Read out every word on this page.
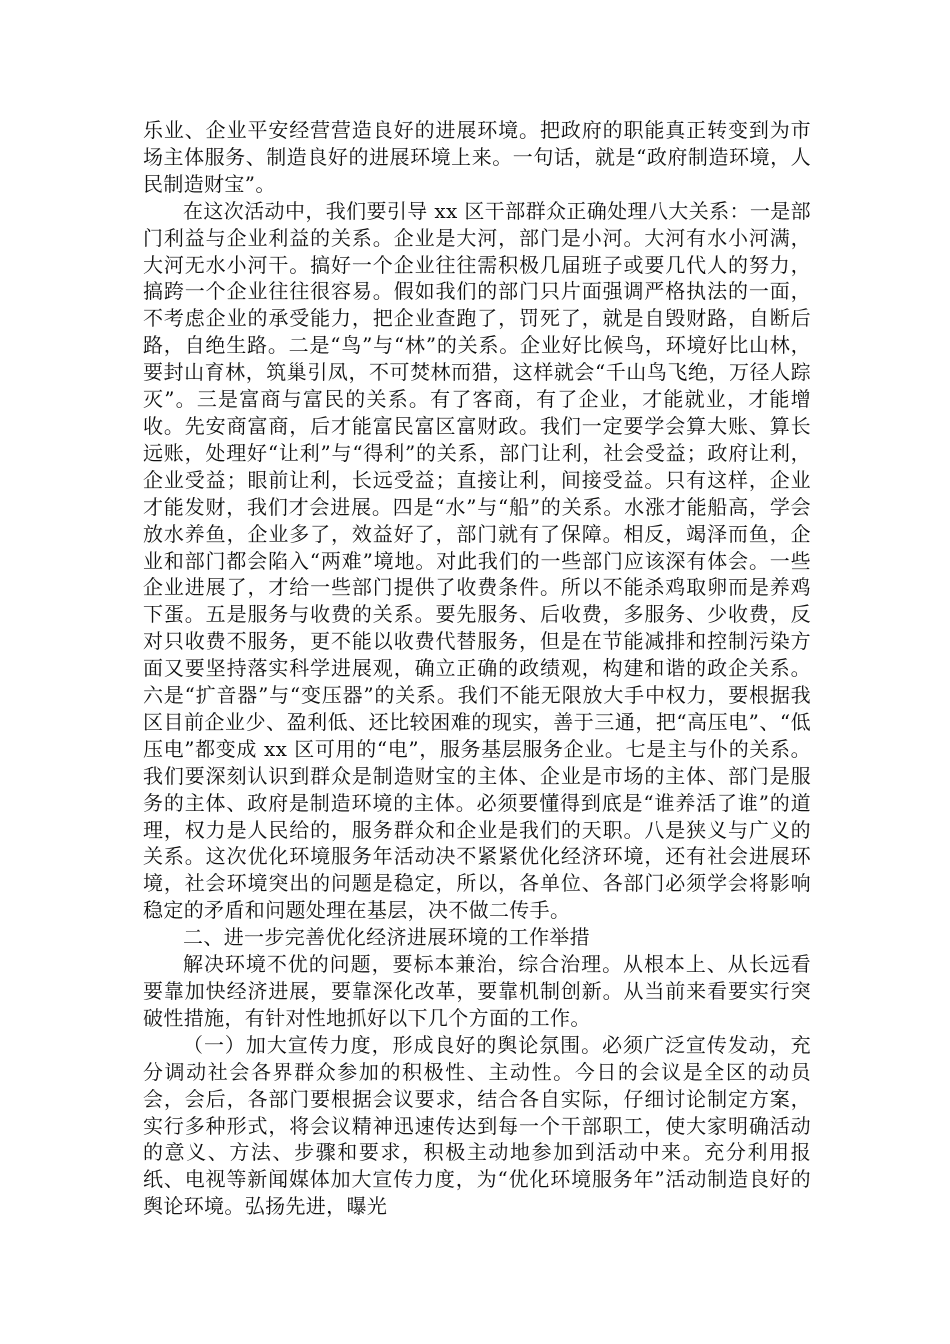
乐业、企业平安经营营造良好的进展环境。把政府的职能真正转变到为市场主体服务、制造良好的进展环境上来。一句话，就是“政府制造环境，人民制造财宝”。

在这次活动中，我们要引导 xx 区干部群众正确处理八大关系：一是部门利益与企业利益的关系。企业是大河，部门是小河。大河有水小河满，大河无水小河干。搞好一个企业往往需积极几届班子或要几代人的努力，搞跨一个企业往往很容易。假如我们的部门只片面强调严格执法的一面，不考虑企业的承受能力，把企业查跑了，罚死了，就是自毁财路，自断后路，自绝生路。二是“鸟”与“林”的关系。企业好比候鸟，环境好比山林，要封山育林，筑巢引凤，不可焚林而猎，这样就会“千山鸟飞绝，万径人踪灭”。三是富商与富民的关系。有了客商，有了企业，才能就业，才能增收。先安商富商，后才能富民富区富财政。我们一定要学会算大账、算长远账，处理好“让利”与“得利”的关系，部门让利，社会受益；政府让利，企业受益；眼前让利，长远受益；直接让利，间接受益。只有这样，企业才能发财，我们才会进展。四是“水”与“船”的关系。水涨才能船高，学会放水养鱼，企业多了，效益好了，部门就有了保障。相反，竭泽而鱼，企业和部门都会陷入“两难”境地。对此我们的一些部门应该深有体会。一些企业进展了，才给一些部门提供了收费条件。所以不能杀鸡取卵而是养鸡下蛋。五是服务与收费的关系。要先服务、后收费，多服务、少收费，反对只收费不服务，更不能以收费代替服务，但是在节能减排和控制污染方面又要坚持落实科学进展观，确立正确的政绩观，构建和谐的政企关系。六是“扩音器”与“变压器”的关系。我们不能无限放大手中权力，要根据我区目前企业少、盈利低、还比较困难的现实，善于三通，把“高压电”、“低压电”都变成 xx 区可用的“电”，服务基层服务企业。七是主与仆的关系。我们要深刻认识到群众是制造财宝的主体、企业是市场的主体、部门是服务的主体、政府是制造环境的主体。必须要懂得到底是“谁养活了谁”的道理，权力是人民给的，服务群众和企业是我们的天职。八是狭义与广义的关系。这次优化环境服务年活动决不紧紧优化经济环境，还有社会进展环境，社会环境突出的问题是稳定，所以，各单位、各部门必须学会将影响稳定的矛盾和问题处理在基层，决不做二传手。

二、进一步完善优化经济进展环境的工作举措

解决环境不优的问题，要标本兼治，综合治理。从根本上、从长远看要靠加快经济进展，要靠深化改革，要靠机制创新。从当前来看要实行突破性措施，有针对性地抓好以下几个方面的工作。

（一）加大宣传力度，形成良好的舆论氛围。必须广泛宣传发动，充分调动社会各界群众参加的积极性、主动性。今日的会议是全区的动员会，会后，各部门要根据会议要求，结合各自实际，仔细讨论制定方案，实行多种形式，将会议精神迅速传达到每一个干部职工，使大家明确活动的意义、方法、步骤和要求，积极主动地参加到活动中来。充分利用报纸、电视等新闻媒体加大宣传力度，为“优化环境服务年”活动制造良好的舆论环境。弘扬先进，曝光
